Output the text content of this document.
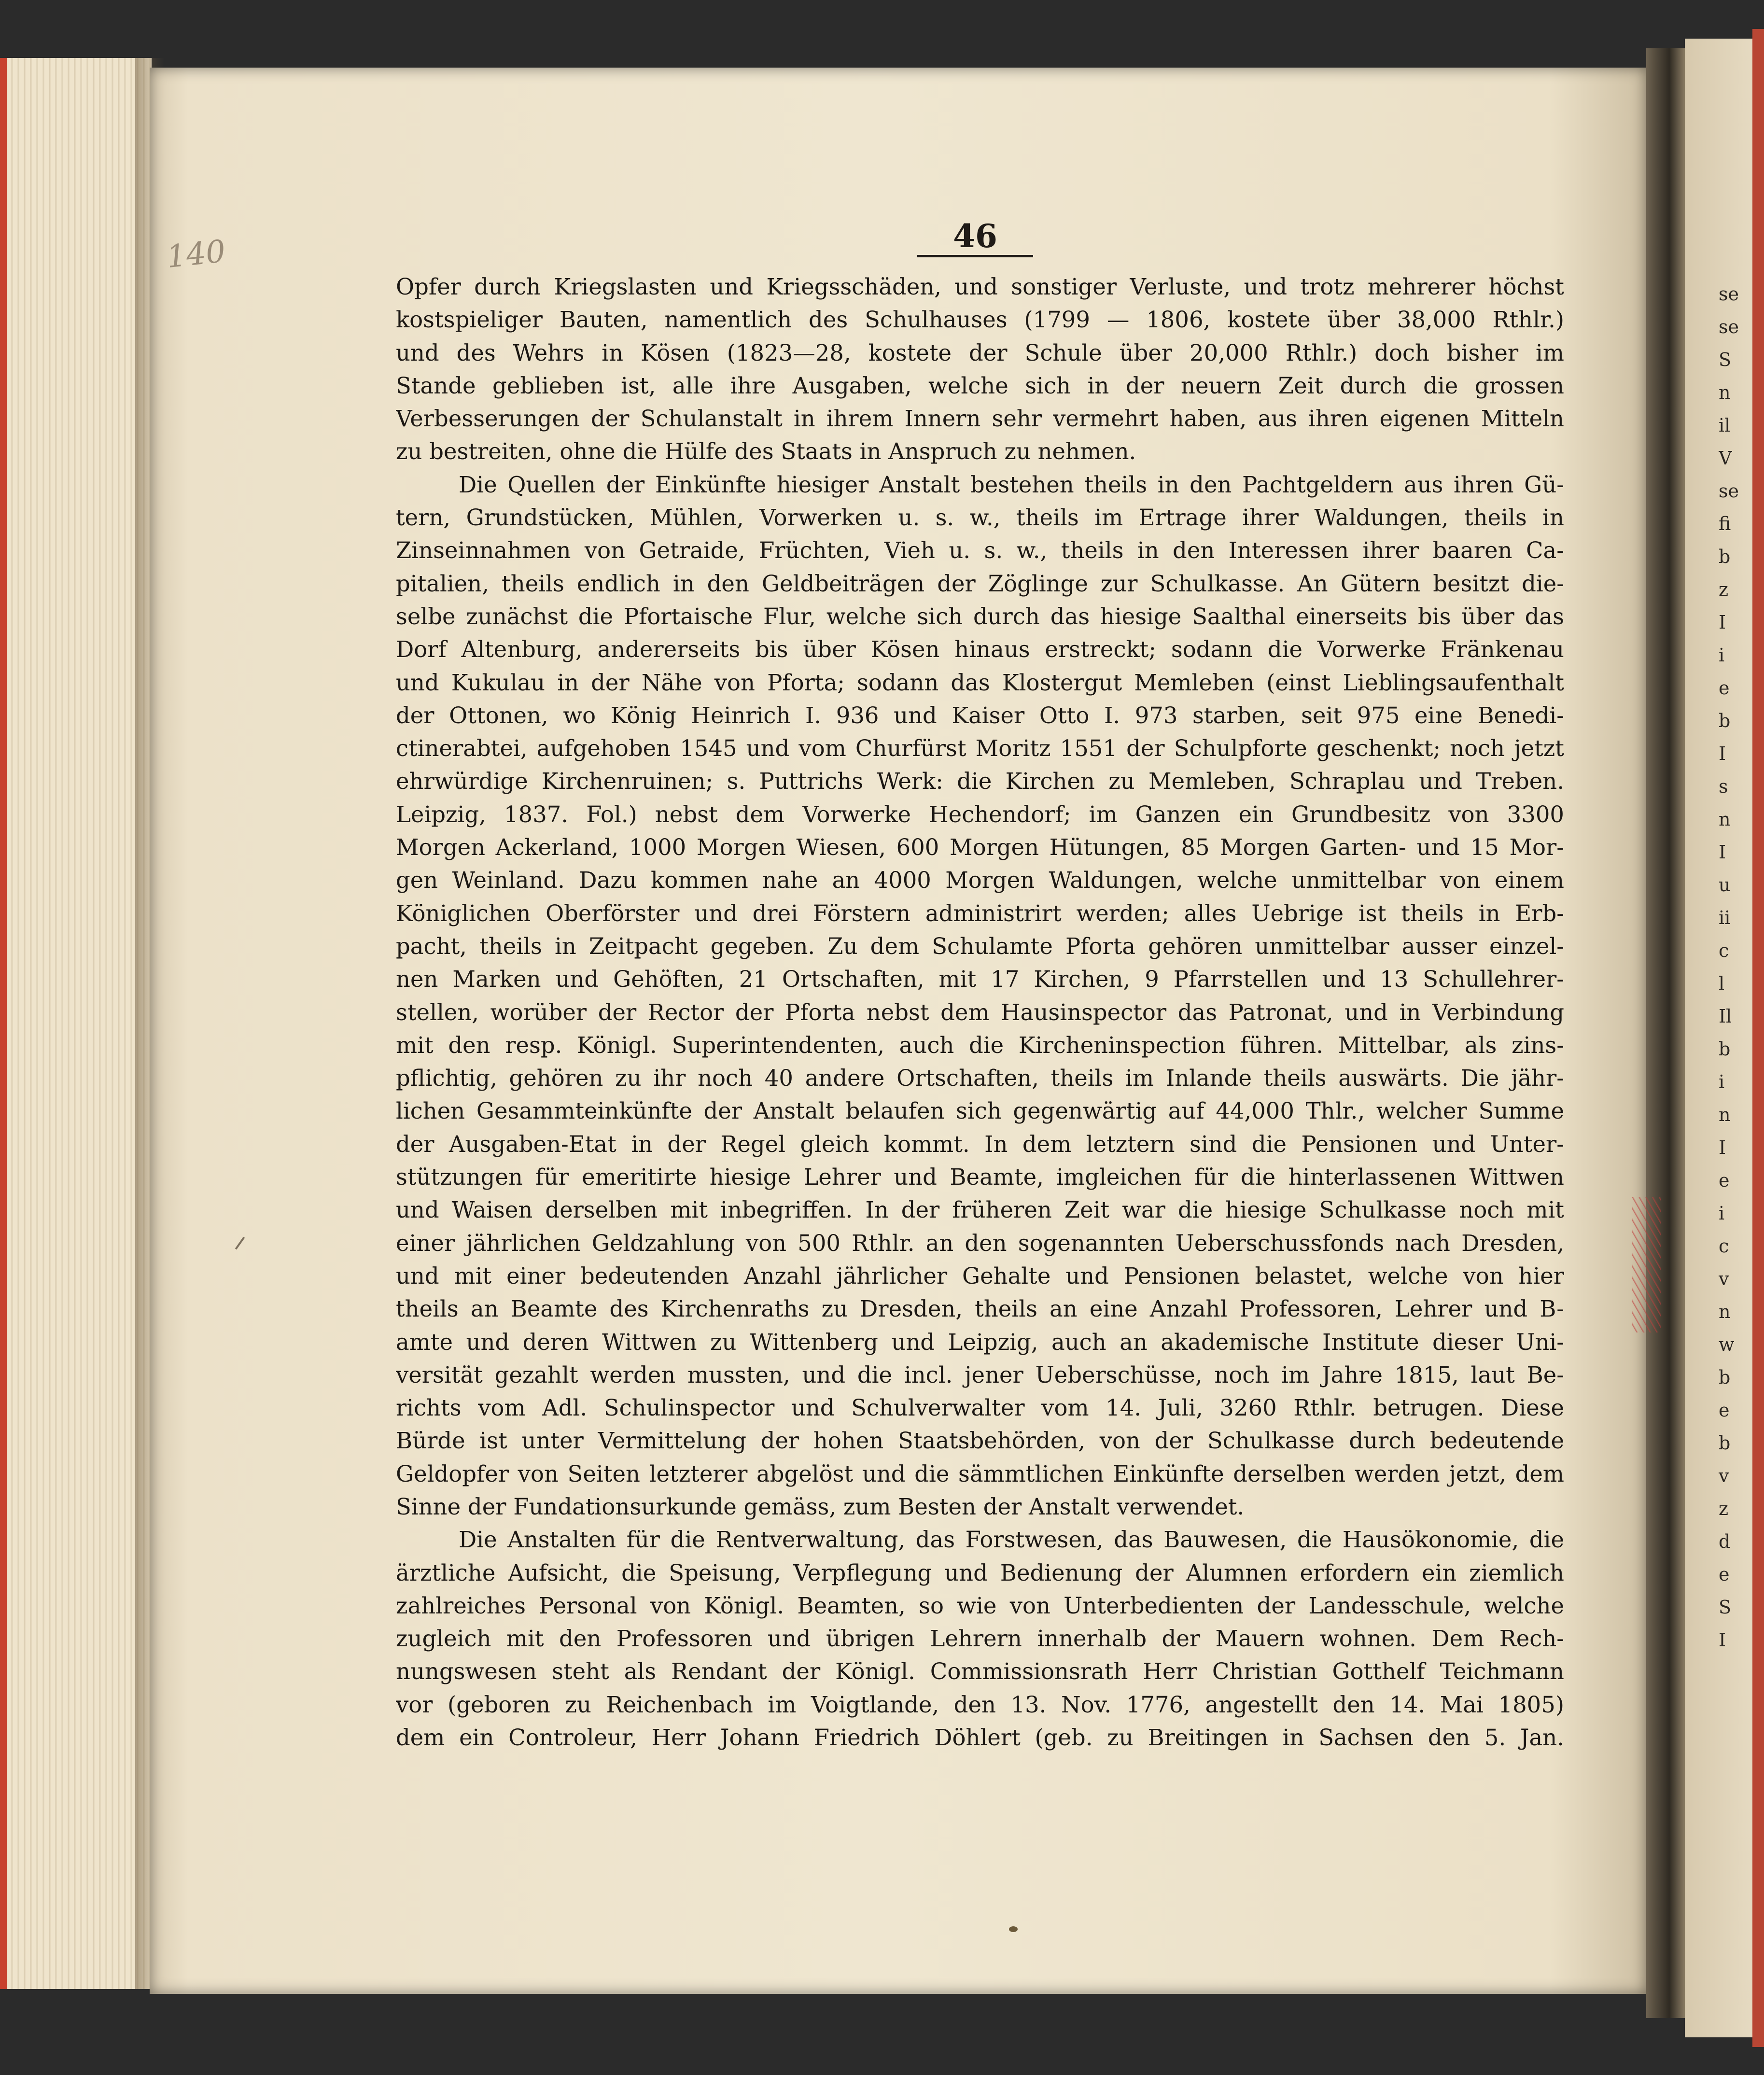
se
se
S
n
il
V
se
fi
b
z
I
i
e
b
I
s
n
I
u
ii
c
l
Il
b
i
n
I
e
i
c
v
n
w
b
e
b
v
z
d
e
S
I
140	46
Opfer durch Kriegslasten und Kriegsschäden, und sonstiger Verluste, und trotz mehrerer höchst
kostspieliger Bauten, namentlich des Schulhauses (1799 — 1806, kostete über 38,000 Rthlr.)
und des Wehrs in Kösen (1823—28, kostete der Schule über 20,000 Rthlr.) doch bisher im
Stande geblieben ist, alle ihre Ausgaben, welche sich in der neuern Zeit durch die grossen
Verbesserungen der Schulanstalt in ihrem Innern sehr vermehrt haben, aus ihren eigenen Mitteln
zu bestreiten, ohne die Hülfe des Staats in Anspruch zu nehmen.
Die Quellen der Einkünfte hiesiger Anstalt bestehen theils in den Pachtgeldern aus ihren Gü-
tern, Grundstücken, Mühlen, Vorwerken u. s. w., theils im Ertrage ihrer Waldungen, theils in
Zinseinnahmen von Getraide, Früchten, Vieh u. s. w., theils in den Interessen ihrer baaren Ca-
pitalien, theils endlich in den Geldbeiträgen der Zöglinge zur Schulkasse. An Gütern besitzt die-
selbe zunächst die Pfortaische Flur, welche sich durch das hiesige Saalthal einerseits bis über das
Dorf Altenburg, andererseits bis über Kösen hinaus erstreckt; sodann die Vorwerke Fränkenau
und Kukulau in der Nähe von Pforta; sodann das Klostergut Memleben (einst Lieblingsaufenthalt
der Ottonen, wo König Heinrich I. 936 und Kaiser Otto I. 973 starben, seit 975 eine Benedi-
ctinerabtei, aufgehoben 1545 und vom Churfürst Moritz 1551 der Schulpforte geschenkt; noch jetzt
ehrwürdige Kirchenruinen; s. Puttrichs Werk: die Kirchen zu Memleben, Schraplau und Treben.
Leipzig, 1837. Fol.) nebst dem Vorwerke Hechendorf; im Ganzen ein Grundbesitz von 3300
Morgen Ackerland, 1000 Morgen Wiesen, 600 Morgen Hütungen, 85 Morgen Garten- und 15 Mor-
gen Weinland. Dazu kommen nahe an 4000 Morgen Waldungen, welche unmittelbar von einem
Königlichen Oberförster und drei Förstern administrirt werden; alles Uebrige ist theils in Erb-
pacht, theils in Zeitpacht gegeben. Zu dem Schulamte Pforta gehören unmittelbar ausser einzel-
nen Marken und Gehöften, 21 Ortschaften, mit 17 Kirchen, 9 Pfarrstellen und 13 Schullehrer-
stellen, worüber der Rector der Pforta nebst dem Hausinspector das Patronat, und in Verbindung
mit den resp. Königl. Superintendenten, auch die Kircheninspection führen. Mittelbar, als zins-
pflichtig, gehören zu ihr noch 40 andere Ortschaften, theils im Inlande theils auswärts. Die jähr-
lichen Gesammteinkünfte der Anstalt belaufen sich gegenwärtig auf 44,000 Thlr., welcher Summe
der Ausgaben-Etat in der Regel gleich kommt. In dem letztern sind die Pensionen und Unter-
stützungen für emeritirte hiesige Lehrer und Beamte, imgleichen für die hinterlassenen Wittwen
und Waisen derselben mit inbegriffen. In der früheren Zeit war die hiesige Schulkasse noch mit
einer jährlichen Geldzahlung von 500 Rthlr. an den sogenannten Ueberschussfonds nach Dresden,
und mit einer bedeutenden Anzahl jährlicher Gehalte und Pensionen belastet, welche von hier
theils an Beamte des Kirchenraths zu Dresden, theils an eine Anzahl Professoren, Lehrer und B-
amte und deren Wittwen zu Wittenberg und Leipzig, auch an akademische Institute dieser Uni-
versität gezahlt werden mussten, und die incl. jener Ueberschüsse, noch im Jahre 1815, laut Be-
richts vom Adl. Schulinspector und Schulverwalter vom 14. Juli, 3260 Rthlr. betrugen. Diese
Bürde ist unter Vermittelung der hohen Staatsbehörden, von der Schulkasse durch bedeutende
Geldopfer von Seiten letzterer abgelöst und die sämmtlichen Einkünfte derselben werden jetzt, dem
Sinne der Fundationsurkunde gemäss, zum Besten der Anstalt verwendet.
Die Anstalten für die Rentverwaltung, das Forstwesen, das Bauwesen, die Hausökonomie, die
ärztliche Aufsicht, die Speisung, Verpflegung und Bedienung der Alumnen erfordern ein ziemlich
zahlreiches Personal von Königl. Beamten, so wie von Unterbedienten der Landesschule, welche
zugleich mit den Professoren und übrigen Lehrern innerhalb der Mauern wohnen. Dem Rech-
nungswesen steht als Rendant der Königl. Commissionsrath Herr Christian Gotthelf Teichmann
vor (geboren zu Reichenbach im Voigtlande, den 13. Nov. 1776, angestellt den 14. Mai 1805)
dem ein Controleur, Herr Johann Friedrich Döhlert (geb. zu Breitingen in Sachsen den 5. Jan.
